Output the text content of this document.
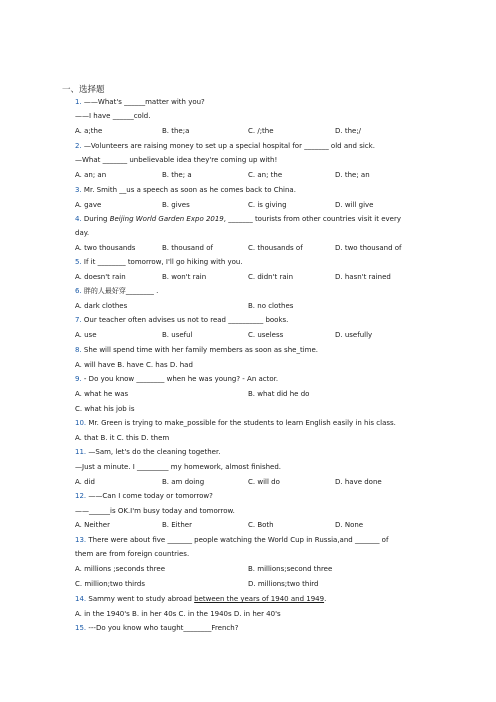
一、选择题
1. ——What's ______matter with you?
——I have ______cold.
A. a;the	B. the;a	C. /;the	D. the;/
2. —Volunteers are raising money to set up a special hospital for _______ old and sick.
—What _______ unbelievable idea they're coming up with!
A. an; an	B. the; a	C. an; the	D. the; an
3. Mr. Smith __us a speech as soon as he comes back to China.
A. gave	B. gives	C. is giving	D. will give
4. During Beijing World Garden Expo 2019, _______ tourists from other countries visit it every
day.
A. two thousands	B. thousand of	C. thousands of	D. two thousand of
5. If it ________ tomorrow, I'll go hiking with you.
A. doesn't rain	B. won't rain	C. didn't rain	D. hasn't rained
6. 胖的人最好穿________ .
A. dark clothes	B. no clothes
7. Our teacher often advises us not to read __________ books.
A. use	B. useful	C. useless	D. usefully
8. She will spend time with her family members as soon as she_time.
A. will have B. have C. has D. had
9. - Do you know ________ when he was young? - An actor.
A. what he was	B. what did he do
C. what his job is
10. Mr. Green is trying to make_possible for the students to learn English easily in his class.
A. that B. it C. this D. them
11. —Sam, let's do the cleaning together.
—Just a minute. I _________ my homework, almost finished.
A. did	B. am doing	C. will do	D. have done
12. ——Can I come today or tomorrow?
——______is OK.I'm busy today and tomorrow.
A. Neither	B. Either	C. Both	D. None
13. There were about five _______ people watching the World Cup in Russia,and _______ of
them are from foreign countries.
A. millions ;seconds three	B. millions;second three
C. million;two thirds	D. millions;two third
14. Sammy went to study abroad between the years of 1940 and 1949.
A. in the 1940's B. in her 40s C. in the 1940s D. in her 40's
15. ---Do you know who taught________French?
